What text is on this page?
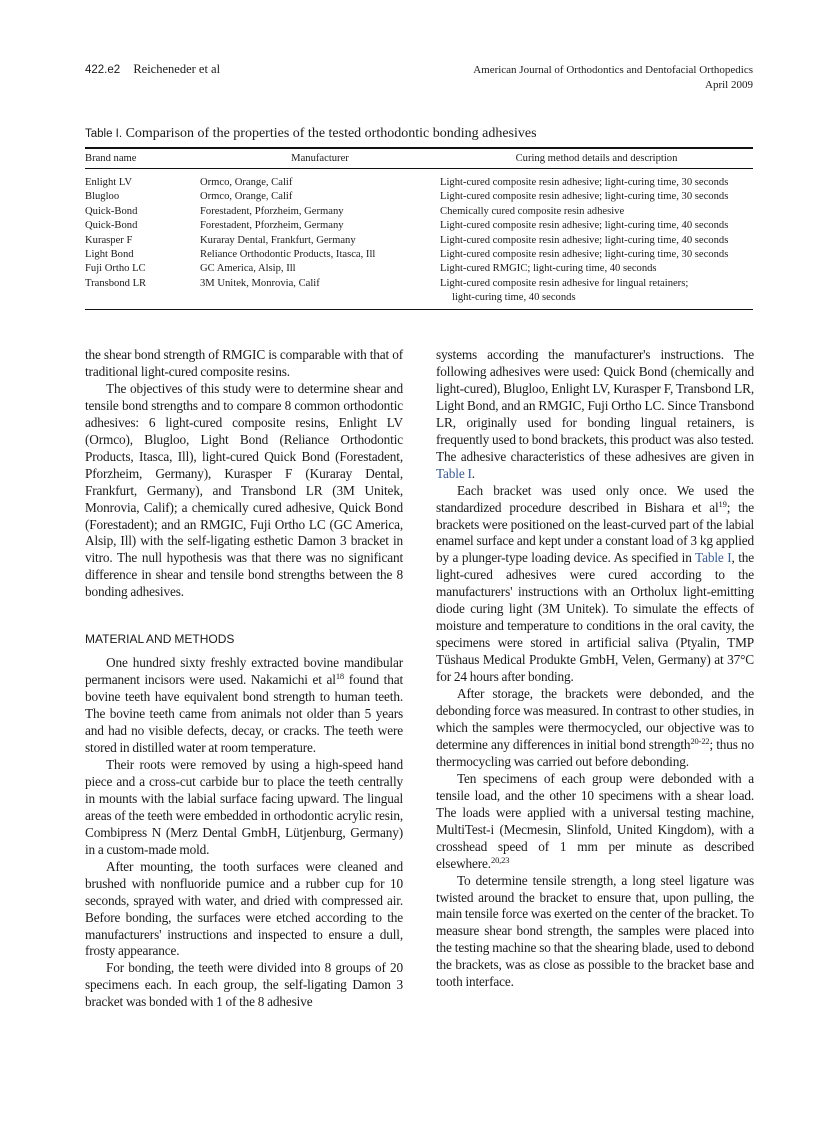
422.e2 Reicheneder et al	American Journal of Orthodontics and Dentofacial Orthopedics
April 2009
Table I. Comparison of the properties of the tested orthodontic bonding adhesives
Brand name	Manufacturer	Curing method details and description
Enlight LV	Ormco, Orange, Calif	Light-cured composite resin adhesive; light-curing time, 30 seconds
Blugloo	Ormco, Orange, Calif	Light-cured composite resin adhesive; light-curing time, 30 seconds
Quick-Bond	Forestadent, Pforzheim, Germany	Chemically cured composite resin adhesive
Quick-Bond	Forestadent, Pforzheim, Germany	Light-cured composite resin adhesive; light-curing time, 40 seconds
Kurasper F	Kuraray Dental, Frankfurt, Germany	Light-cured composite resin adhesive; light-curing time, 40 seconds
Light Bond	Reliance Orthodontic Products, Itasca, Ill	Light-cured composite resin adhesive; light-curing time, 30 seconds
Fuji Ortho LC	GC America, Alsip, Ill	Light-cured RMGIC; light-curing time, 40 seconds
Transbond LR	3M Unitek, Monrovia, Calif	Light-cured composite resin adhesive for lingual retainers;
light-curing time, 40 seconds

the shear bond strength of RMGIC is comparable with that of traditional light-cured composite resins.

The objectives of this study were to determine shear and tensile bond strengths and to compare 8 common orthodontic adhesives: 6 light-cured composite resins, Enlight LV (Ormco), Blugloo, Light Bond (Reliance Orthodontic Products, Itasca, Ill), light-cured Quick Bond (Forestadent, Pforzheim, Germany), Kurasper F (Kuraray Dental, Frankfurt, Germany), and Transbond LR (3M Unitek, Monrovia, Calif); a chemically cured adhesive, Quick Bond (Forestadent); and an RMGIC, Fuji Ortho LC (GC America, Alsip, Ill) with the self-ligating esthetic Damon 3 bracket in vitro. The null hypothesis was that there was no significant difference in shear and tensile bond strengths between the 8 bonding adhesives.

MATERIAL AND METHODS

One hundred sixty freshly extracted bovine mandibular permanent incisors were used. Nakamichi et $al^{18}$ found that bovine teeth have equivalent bond strength to human teeth. The bovine teeth came from animals not older than 5 years and had no visible defects, decay, or cracks. The teeth were stored in distilled water at room temperature.

Their roots were removed by using a high-speed hand piece and a cross-cut carbide bur to place the teeth centrally in mounts with the labial surface facing upward. The lingual areas of the teeth were embedded in orthodontic acrylic resin, Combipress N (Merz Dental GmbH, Lütjenburg, Germany) in a custom-made mold.

After mounting, the tooth surfaces were cleaned and brushed with nonfluoride pumice and a rubber cup for 10 seconds, sprayed with water, and dried with compressed air. Before bonding, the surfaces were etched according to the manufacturers' instructions and inspected to ensure a dull, frosty appearance.

For bonding, the teeth were divided into 8 groups of 20 specimens each. In each group, the self-ligating Damon 3 bracket was bonded with 1 of the 8 adhesive

systems according the manufacturer's instructions. The following adhesives were used: Quick Bond (chemically and light-cured), Blugloo, Enlight LV, Kurasper F, Transbond LR, Light Bond, and an RMGIC, Fuji Ortho LC. Since Transbond LR, originally used for bonding lingual retainers, is frequently used to bond brackets, this product was also tested. The adhesive characteristics of these adhesives are given in Table I.

Each bracket was used only once. We used the standardized procedure described in Bishara et $al^{19}$; the brackets were positioned on the least-curved part of the labial enamel surface and kept under a constant load of 3 kg applied by a plunger-type loading device. As specified in Table I, the light-cured adhesives were cured according to the manufacturers' instructions with an Ortholux light-emitting diode curing light (3M Unitek). To simulate the effects of moisture and temperature to conditions in the oral cavity, the specimens were stored in artificial saliva (Ptyalin, TMP Tüshaus Medical Produkte GmbH, Velen, Germany) at 37°C for 24 hours after bonding.

After storage, the brackets were debonded, and the debonding force was measured. In contrast to other studies, in which the samples were thermocycled, our objective was to determine any differences in initial bond strength$^{20-22}$; thus no thermocycling was carried out before debonding.

Ten specimens of each group were debonded with a tensile load, and the other 10 specimens with a shear load. The loads were applied with a universal testing machine, MultiTest-i (Mecmesin, Slinfold, United Kingdom), with a crosshead speed of 1 mm per minute as described elsewhere.$^{20,23}$

To determine tensile strength, a long steel ligature was twisted around the bracket to ensure that, upon pulling, the main tensile force was exerted on the center of the bracket. To measure shear bond strength, the samples were placed into the testing machine so that the shearing blade, used to debond the brackets, was as close as possible to the bracket base and tooth interface.
